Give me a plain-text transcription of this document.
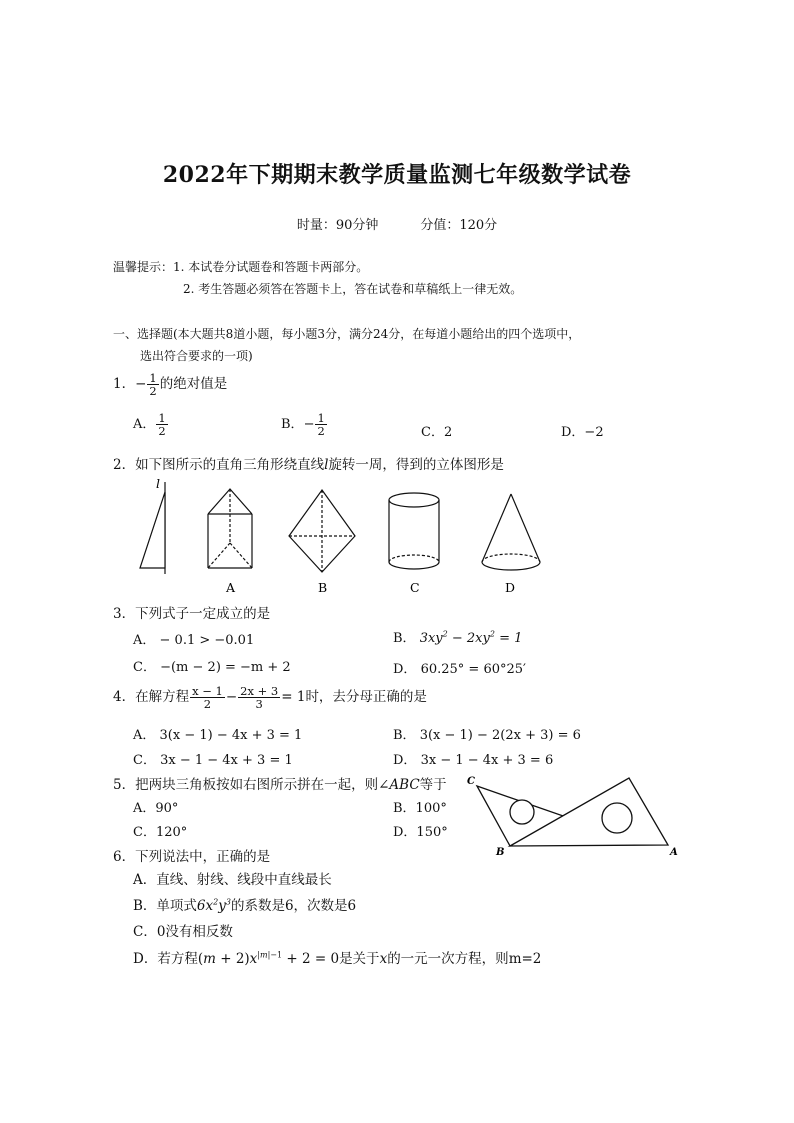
2022年下期期末教学质量监测七年级数学试卷
时量：90分钟	分值：120分
温馨提示：1. 本试卷分试题卷和答题卡两部分。
2. 考生答题必须答在答题卡上，答在试卷和草稿纸上一律无效。
一、选择题(本大题共8道小题，每小题3分，满分24分，在每道小题给出的四个选项中，
选出符合要求的一项)
1．− $\frac{1}{2}$ 的绝对值是
A． $\frac{1}{2}$	B．− $\frac{1}{2}$	C．2	D．−2
2．如下图所示的直角三角形绕直线l旋转一周，得到的立体图形是
l
A	B	C	D
3．下列式子一定成立的是
A． − 0.1 > −0.01	B． $3xy^2 - 2xy^2 = 1$
C． −(m − 2) = −m + 2	D． 60.25° = 60°25′
4．在解方程 $\frac{x - 1}{2} - \frac{2x + 3}{3} = 1$时，去分母正确的是
A． 3(x − 1) − 4x + 3 = 1	B． 3(x − 1) − 2(2x + 3) = 6
C． 3x − 1 − 4x + 3 = 1	D． 3x − 1 − 4x + 3 = 6
5．把两块三角板按如右图所示拼在一起，则∠ABC等于
A．90°	B．100°
C．120°	D．150°
C
B	A
6．下列说法中，正确的是
A．直线、射线、线段中直线最长
B．单项式$6x^2y^3$的系数是6，次数是6
C．0没有相反数
D．若方程$(m + 2)x^{|m|-1} + 2 = 0$是关于x的一元一次方程，则m=2
